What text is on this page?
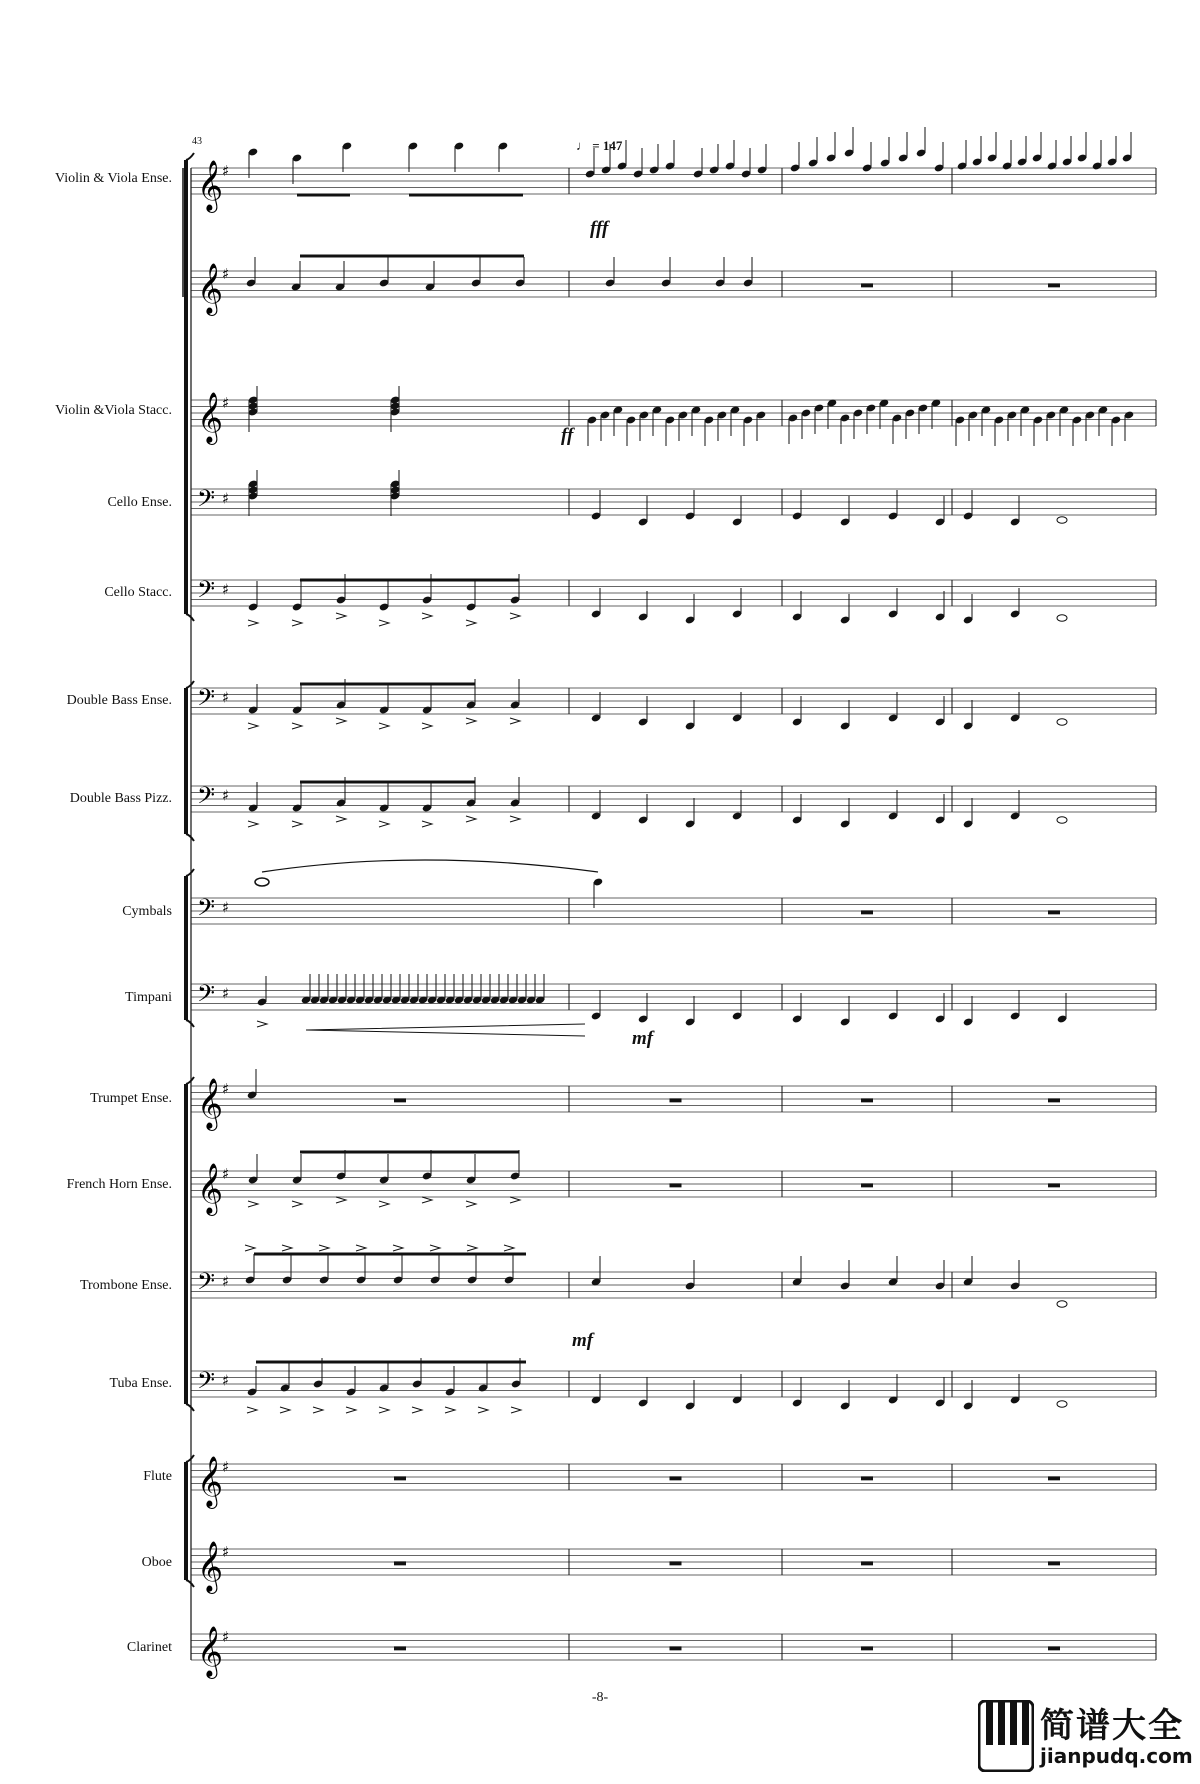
𝄞
♯
𝄞
♯
𝄞
♯
𝄢 ♯
𝄢 ♯
𝄢 ♯
𝄢 ♯
𝄢 ♯
𝄢 ♯
𝄞
♯
𝄞
♯
𝄢 ♯
𝄢 ♯
𝄞
♯
𝄞
♯
𝄞
♯
Violin & Viola Ense.
Violin &Viola Stacc.
Cello Ense.
Cello Stacc.
Double Bass Ense.
Double Bass Pizz.
Cymbals
Timpani
Trumpet Ense.
French Horn Ense.
Trombone Ense.
Tuba Ense.
Flute
Oboe
Clarinet
43	♩ = 147
fff
ff
mf
mf
-8-
简谱大全
jianpudq.com
